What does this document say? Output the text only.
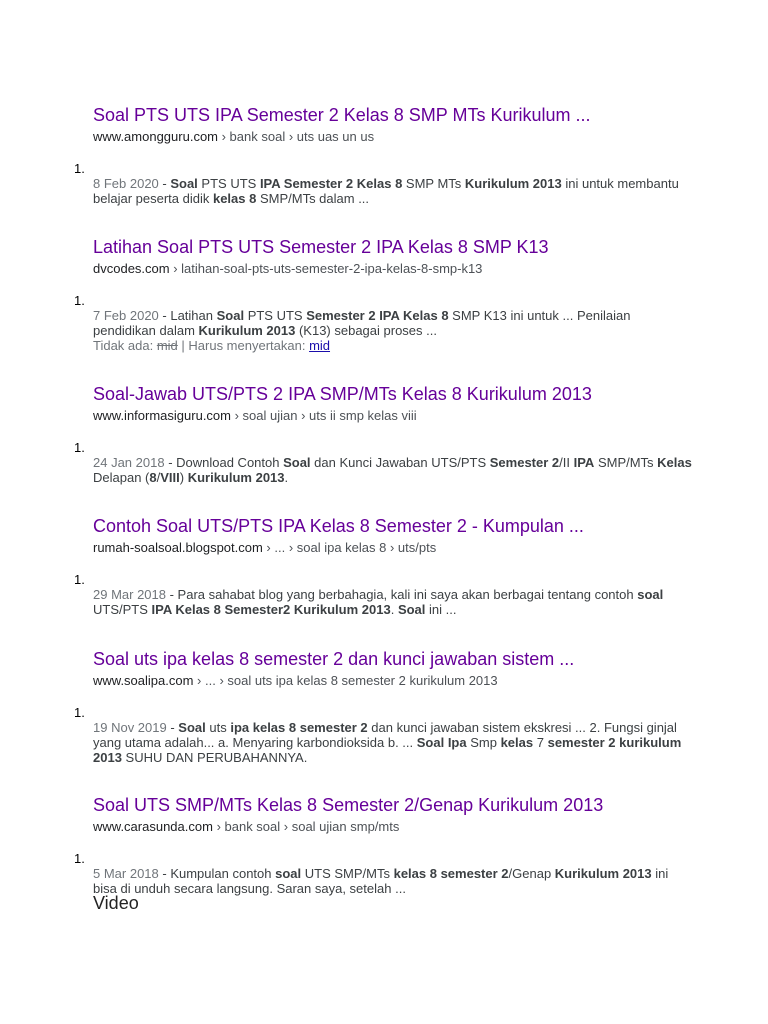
Soal PTS UTS IPA Semester 2 Kelas 8 SMP MTs Kurikulum ...
www.amongguru.com › bank soal › uts uas un us
1.
8 Feb 2020 - Soal PTS UTS IPA Semester 2 Kelas 8 SMP MTs Kurikulum 2013 ini untuk membantu belajar peserta didik kelas 8 SMP/MTs dalam ...
Latihan Soal PTS UTS Semester 2 IPA Kelas 8 SMP K13
dvcodes.com › latihan-soal-pts-uts-semester-2-ipa-kelas-8-smp-k13
1.
7 Feb 2020 - Latihan Soal PTS UTS Semester 2 IPA Kelas 8 SMP K13 ini untuk ... Penilaian pendidikan dalam Kurikulum 2013 (K13) sebagai proses ...
Tidak ada: mid | Harus menyertakan: mid
Soal-Jawab UTS/PTS 2 IPA SMP/MTs Kelas 8 Kurikulum 2013
www.informasiguru.com › soal ujian › uts ii smp kelas viii
1.
24 Jan 2018 - Download Contoh Soal dan Kunci Jawaban UTS/PTS Semester 2/II IPA SMP/MTs Kelas Delapan (8/VIII) Kurikulum 2013.
Contoh Soal UTS/PTS IPA Kelas 8 Semester 2 - Kumpulan ...
rumah-soalsoal.blogspot.com › ... › soal ipa kelas 8 › uts/pts
1.
29 Mar 2018 - Para sahabat blog yang berbahagia, kali ini saya akan berbagai tentang contoh soal UTS/PTS IPA Kelas 8 Semester2 Kurikulum 2013. Soal ini ...
Soal uts ipa kelas 8 semester 2 dan kunci jawaban sistem ...
www.soalipa.com › ... › soal uts ipa kelas 8 semester 2 kurikulum 2013
1.
19 Nov 2019 - Soal uts ipa kelas 8 semester 2 dan kunci jawaban sistem ekskresi ... 2. Fungsi ginjal yang utama adalah... a. Menyaring karbondioksida b. ... Soal Ipa Smp kelas 7 semester 2 kurikulum 2013 SUHU DAN PERUBAHANNYA.
Soal UTS SMP/MTs Kelas 8 Semester 2/Genap Kurikulum 2013
www.carasunda.com › bank soal › soal ujian smp/mts
1.
5 Mar 2018 - Kumpulan contoh soal UTS SMP/MTs kelas 8 semester 2/Genap Kurikulum 2013 ini bisa di unduh secara langsung. Saran saya, setelah ...
Video
